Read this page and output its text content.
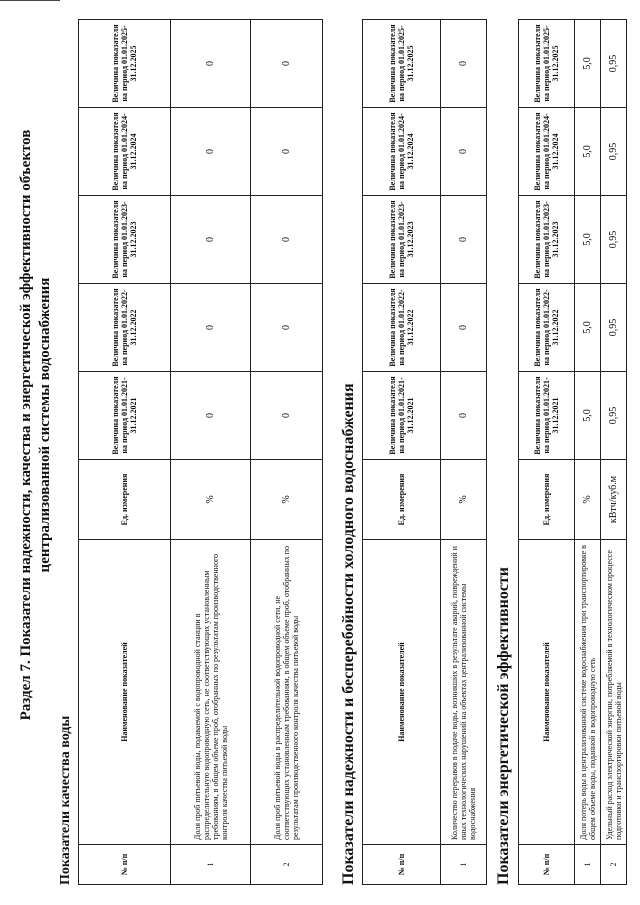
Раздел 7. Показатели надежности, качества и энергетической эффективности объектов централизованной системы водоснабжения
Показатели качества воды	№ п/п	Наименование показателей	Ед. измерения	Величина показателя на период 01.01.2021-31.12.2021	Величина показателя на период 01.01.2022-31.12.2022	Величина показателя на период 01.01.2023-31.12.2023	Величина показателя на период 01.01.2024-31.12.2024	Величина показателя на период 01.01.2025-31.12.2025
1	Доля проб питьевой воды, подаваемой с водопроводной станции в распределительную водопроводную сеть, не соответствующих установленным требованиям, в общем объеме проб, отобранных по результатам производственного контроля качества питьевой воды	%	0	0	0	0	0
2	Доля проб питьевой воды в распределительной водопроводной сети, не соответствующих установленным требованиям, в общем объеме проб, отобранных по результатам производственного контроля качества питьевой воды	%	0	0	0	0	0
Показатели надежности и бесперебойности холодного водоснабжения	№ п/п	Наименование показателей	Ед. измерения	Величина показателя на период 01.01.2021-31.12.2021	Величина показателя на период 01.01.2022-31.12.2022	Величина показателя на период 01.01.2023-31.12.2023	Величина показателя на период 01.01.2024-31.12.2024	Величина показателя на период 01.01.2025-31.12.2025
1	Количество перерывов в подаче воды, возникших в результате аварий, повреждений и иных технологических нарушений на объектах централизованной системы водоснабжения	%	0	0	0	0	0
Показатели энергетической эффективности	№ п/п	Наименование показателей	Ед. измерения	Величина показателя на период 01.01.2021-31.12.2021	Величина показателя на период 01.01.2022-31.12.2022	Величина показателя на период 01.01.2023-31.12.2023	Величина показателя на период 01.01.2024-31.12.2024	Величина показателя на период 01.01.2025-31.12.2025
1	Доля потерь воды в централизованной системе водоснабжения при транспортировке в общем объеме воды, поданной в водопроводную сеть	%	5,0	5,0	5,0	5,0	5,0
2	Удельный расход электрической энергии, потребляемой в технологическом процессе подготовки и транспортировки питьевой воды	кВтч/куб.м	0,95	0,95	0,95	0,95	0,95
